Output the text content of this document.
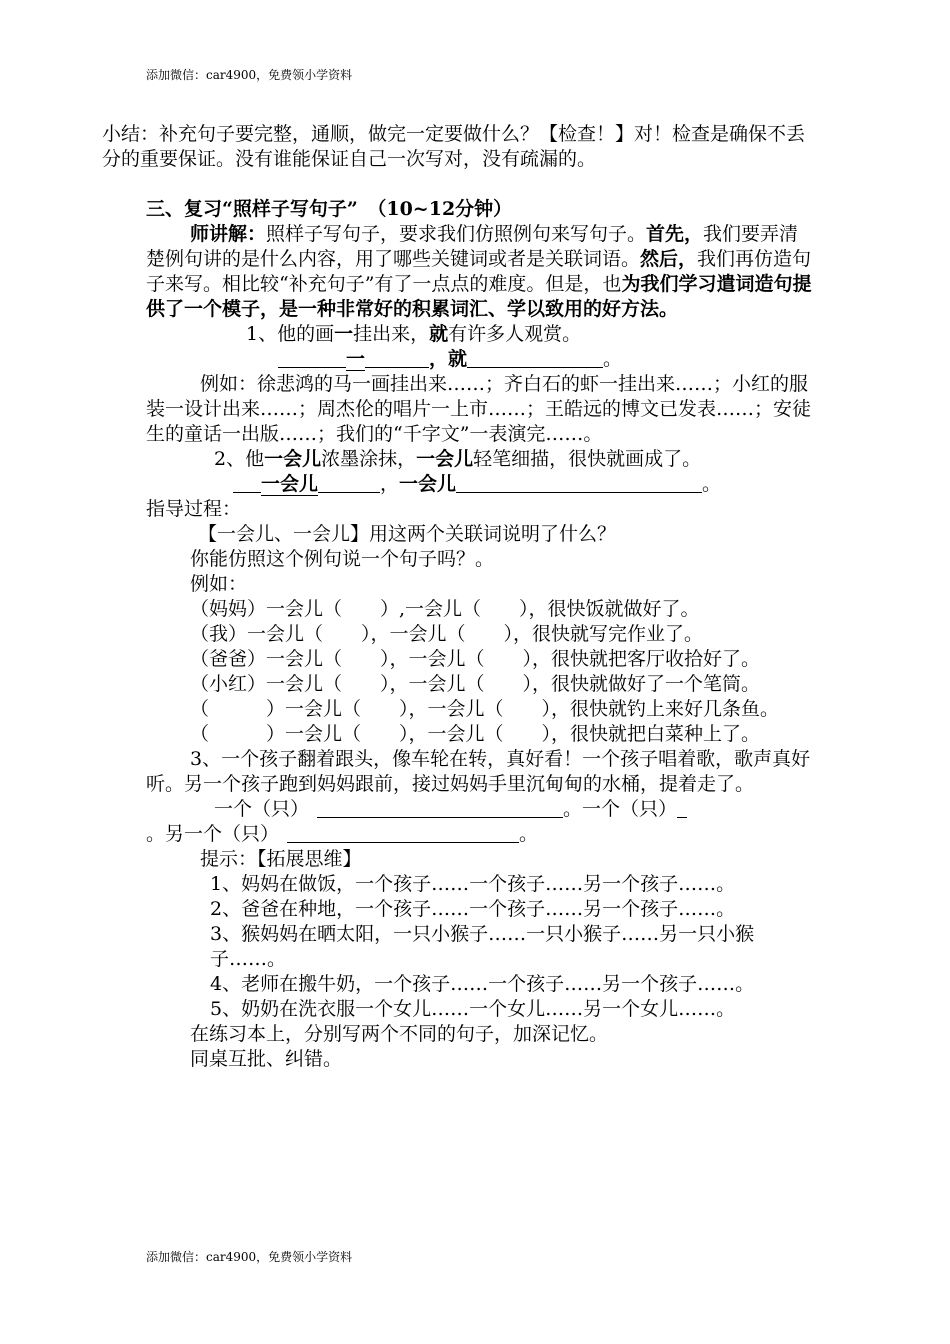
添加微信：car4900，免费领小学资料

小结：补充句子要完整，通顺，做完一定要做什么？【检查！】对！检查是确保不丢分的重要保证。没有谁能保证自己一次写对，没有疏漏的。

三、复习“照样子写句子”　（10~12分钟）

师讲解：照样子写句子，要求我们仿照例句来写句子。首先，我们要弄清楚例句讲的是什么内容，用了哪些关键词或者是关联词语。然后，我们再仿造句子来写。相比较“补充句子”有了一点点的难度。但是，也为我们学习遣词造句提供了一个模子，是一种非常好的积累词汇、学以致用的好方法。

1、他的画一挂出来，就有许多人观赏。

一	，就	。

例如：徐悲鸿的马一画挂出来……；齐白石的虾一挂出来……；小红的服装一设计出来……；周杰伦的唱片一上市……；王皓远的博文已发表……；安徒生的童话一出版……；我们的“千字文”一表演完……。

2、他一会儿浓墨涂抹，一会儿轻笔细描，很快就画成了。

一会儿	，一会儿	。

指导过程：

【一会儿、一会儿】用这两个关联词说明了什么？

你能仿照这个例句说一个句子吗？。

例如：

（妈妈）一会儿（　　）,一会儿（　　），很快饭就做好了。

（我）一会儿（　　），一会儿（　　），很快就写完作业了。

（爸爸）一会儿（　　），一会儿（　　），很快就把客厅收拾好了。

（小红）一会儿（　　），一会儿（　　），很快就做好了一个笔筒。

（　　　）一会儿（　　），一会儿（　　），很快就钓上来好几条鱼。

（　　　）一会儿（　　），一会儿（　　），很快就把白菜种上了。

3、一个孩子翻着跟头，像车轮在转，真好看！一个孩子唱着歌，歌声真好听。另一个孩子跑到妈妈跟前，接过妈妈手里沉甸甸的水桶，提着走了。

一个（只）	。一个（只）

。另一个（只）	。

提示：【拓展思维】

1、妈妈在做饭，一个孩子……一个孩子……另一个孩子……。

2、爸爸在种地，一个孩子……一个孩子……另一个孩子……。

3、猴妈妈在晒太阳，一只小猴子……一只小猴子……另一只小猴子……。

4、老师在搬牛奶，一个孩子……一个孩子……另一个孩子……。

5、奶奶在洗衣服一个女儿……一个女儿……另一个女儿……。

在练习本上，分别写两个不同的句子，加深记忆。

同桌互批、纠错。

添加微信：car4900，免费领小学资料
